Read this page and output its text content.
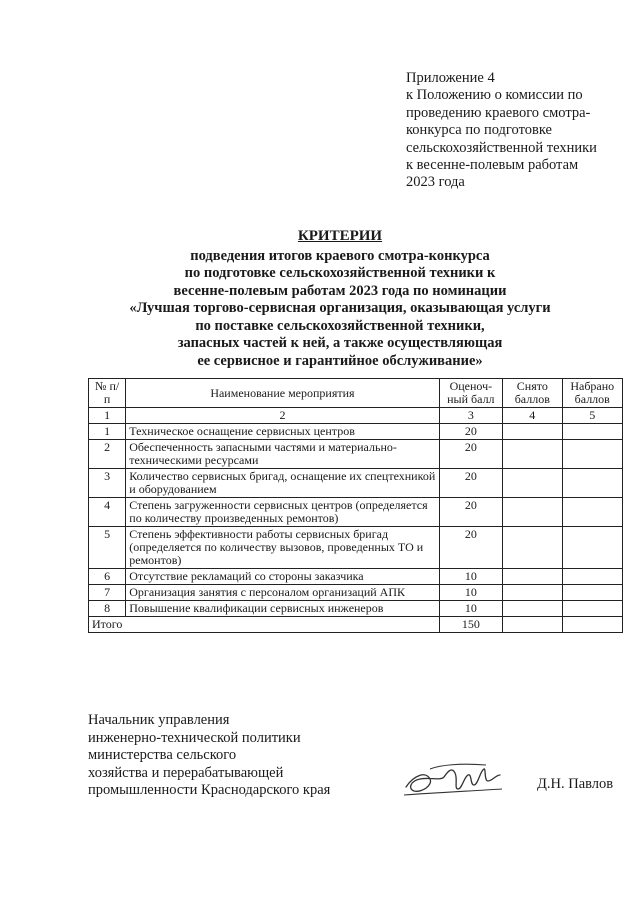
Приложение 4
к Положению о комиссии по
проведению краевого смотра-
конкурса по подготовке
сельскохозяйственной техники
к весенне-полевым работам
2023 года
КРИТЕРИИ
подведения итогов краевого смотра-конкурса
по подготовке сельскохозяйственной техники к
весенне-полевым работам 2023 года по номинации
«Лучшая торгово-сервисная организация, оказывающая услуги
по поставке сельскохозяйственной техники,
запасных частей к ней, а также осуществляющая
ее сервисное и гарантийное обслуживание»
№ п/п	Наименование мероприятия	Оценоч-ный балл	Снято баллов	Набрано баллов
1	2	3	4	5
1	Техническое оснащение сервисных центров	20		
2	Обеспеченность запасными частями и материально-техническими ресурсами	20		
3	Количество сервисных бригад, оснащение их спецтехникой и оборудованием	20		
4	Степень загруженности сервисных центров (определяется по количеству произведенных ремонтов)	20		
5	Степень эффективности работы сервисных бригад (определяется по количеству вызовов, проведенных ТО и ремонтов)	20		
6	Отсутствие рекламаций со стороны заказчика	10		
7	Организация занятия с персоналом организаций АПК	10		
8	Повышение квалификации сервисных инженеров	10		
Итого		150		
Начальник управления
инженерно-технической политики
министерства сельского
хозяйства и перерабатывающей
промышленности Краснодарского края	Д.Н. Павлов
